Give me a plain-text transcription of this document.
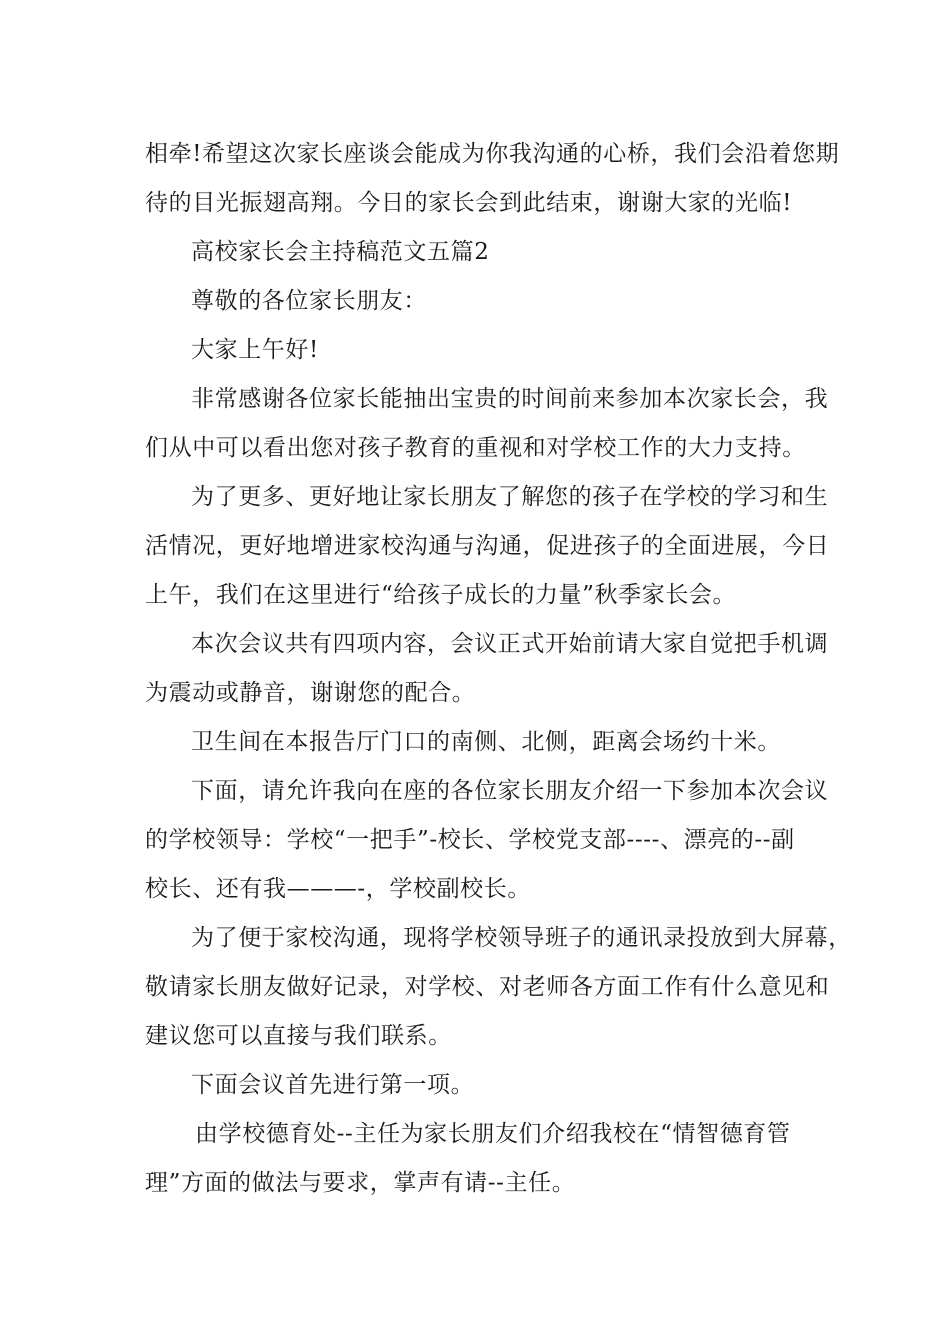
相牵!希望这次家长座谈会能成为你我沟通的心桥，我们会沿着您期
待的目光振翅高翔。今日的家长会到此结束，谢谢大家的光临!
高校家长会主持稿范文五篇2
尊敬的各位家长朋友：
大家上午好!
非常感谢各位家长能抽出宝贵的时间前来参加本次家长会，我
们从中可以看出您对孩子教育的重视和对学校工作的大力支持。
为了更多、更好地让家长朋友了解您的孩子在学校的学习和生
活情况，更好地增进家校沟通与沟通，促进孩子的全面进展，今日
上午，我们在这里进行“给孩子成长的力量”秋季家长会。
本次会议共有四项内容，会议正式开始前请大家自觉把手机调
为震动或静音，谢谢您的配合。
卫生间在本报告厅门口的南侧、北侧，距离会场约十米。
下面，请允许我向在座的各位家长朋友介绍一下参加本次会议
的学校领导：学校“一把手”-校长、学校党支部----、漂亮的--副
校长、还有我———-，学校副校长。
为了便于家校沟通，现将学校领导班子的通讯录投放到大屏幕，
敬请家长朋友做好记录，对学校、对老师各方面工作有什么意见和
建议您可以直接与我们联系。
下面会议首先进行第一项。
由学校德育处--主任为家长朋友们介绍我校在“情智德育管
理”方面的做法与要求，掌声有请--主任。
